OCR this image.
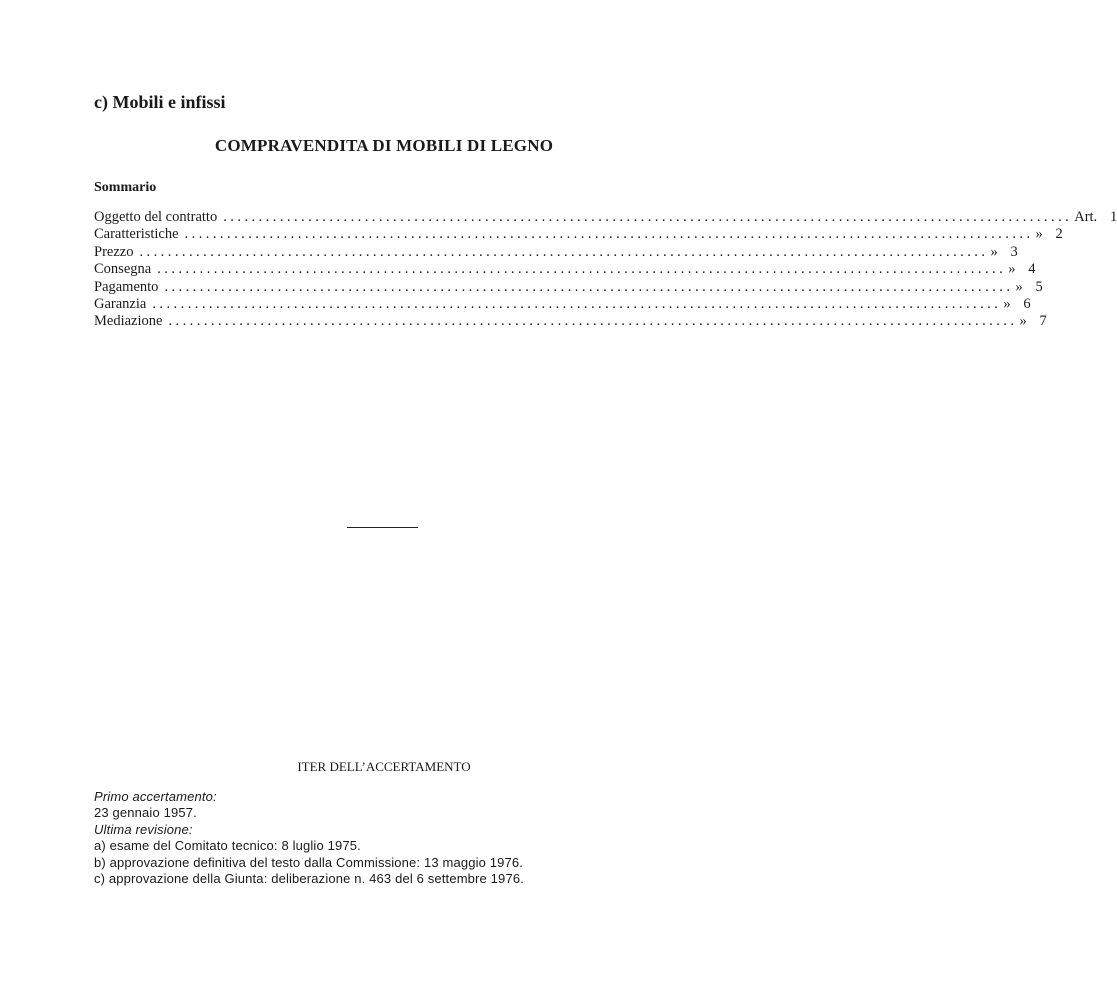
c) Mobili e infissi
COMPRAVENDITA DI MOBILI DI LEGNO
Sommario
Oggetto del contratto ........................................................................................................................ Art. 1
Caratteristiche ........................................................................................................................ » 2
Prezzo ........................................................................................................................ » 3
Consegna ........................................................................................................................ » 4
Pagamento ........................................................................................................................ » 5
Garanzia ........................................................................................................................ » 6
Mediazione ........................................................................................................................ » 7
ITER DELL’ACCERTAMENTO
Primo accertamento:
23 gennaio 1957.
Ultima revisione:
a) esame del Comitato tecnico: 8 luglio 1975.
b) approvazione definitiva del testo dalla Commissione: 13 maggio 1976.
c) approvazione della Giunta: deliberazione n. 463 del 6 settembre 1976.
